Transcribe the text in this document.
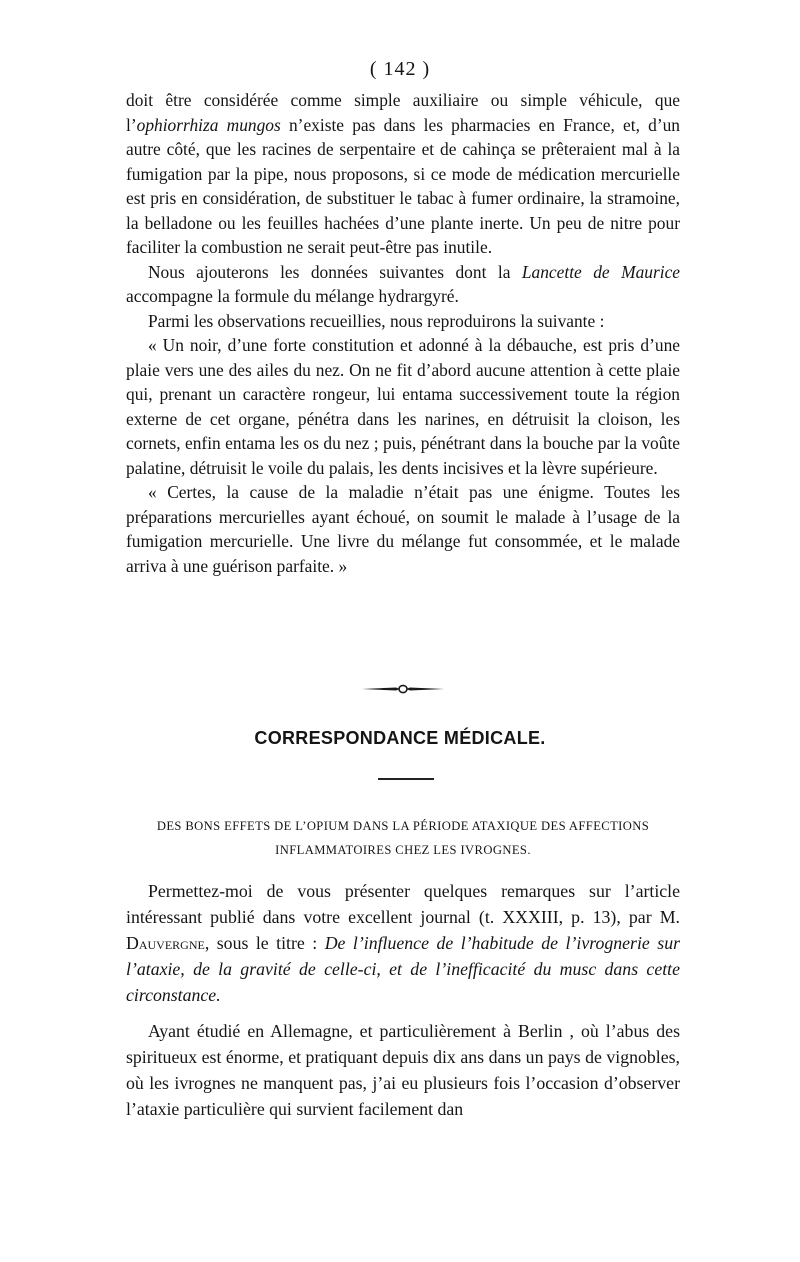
( 142 )

doit être considérée comme simple auxiliaire ou simple véhicule, que l’ophiorrhiza mungos n’existe pas dans les pharmacies en France, et, d’un autre côté, que les racines de serpentaire et de cahinça se prêteraient mal à la fumigation par la pipe, nous proposons, si ce mode de médication mercurielle est pris en considération, de substituer le tabac à fumer ordinaire, la stramoine, la belladone ou les feuilles hachées d’une plante inerte. Un peu de nitre pour faciliter la combustion ne serait peut-être pas inutile.

Nous ajouterons les données suivantes dont la Lancette de Maurice accompagne la formule du mélange hydrargyré.

Parmi les observations recueillies, nous reproduirons la suivante :

« Un noir, d’une forte constitution et adonné à la débauche, est pris d’une plaie vers une des ailes du nez. On ne fit d’abord aucune attention à cette plaie qui, prenant un caractère rongeur, lui entama successivement toute la région externe de cet organe, pénétra dans les narines, en détruisit la cloison, les cornets, enfin entama les os du nez ; puis, pénétrant dans la bouche par la voûte palatine, détruisit le voile du palais, les dents incisives et la lèvre supérieure.

« Certes, la cause de la maladie n’était pas une énigme. Toutes les préparations mercurielles ayant échoué, on soumit le malade à l’usage de la fumigation mercurielle. Une livre du mélange fut consommée, et le malade arriva à une guérison parfaite. »

CORRESPONDANCE MÉDICALE.
DES BONS EFFETS DE L’OPIUM DANS LA PÉRIODE ATAXIQUE DES AFFECTIONS
INFLAMMATOIRES CHEZ LES IVROGNES.

Permettez-moi de vous présenter quelques remarques sur l’article intéressant publié dans votre excellent journal (t. XXXIII, p. 13), par M. Dauvergne, sous le titre : De l’influence de l’habitude de l’ivrognerie sur l’ataxie, de la gravité de celle-ci, et de l’inefficacité du musc dans cette circonstance.

Ayant étudié en Allemagne, et particulièrement à Berlin , où l’abus des spiritueux est énorme, et pratiquant depuis dix ans dans un pays de vignobles, où les ivrognes ne manquent pas, j’ai eu plusieurs fois l’occasion d’observer l’ataxie particulière qui survient facilement dan
